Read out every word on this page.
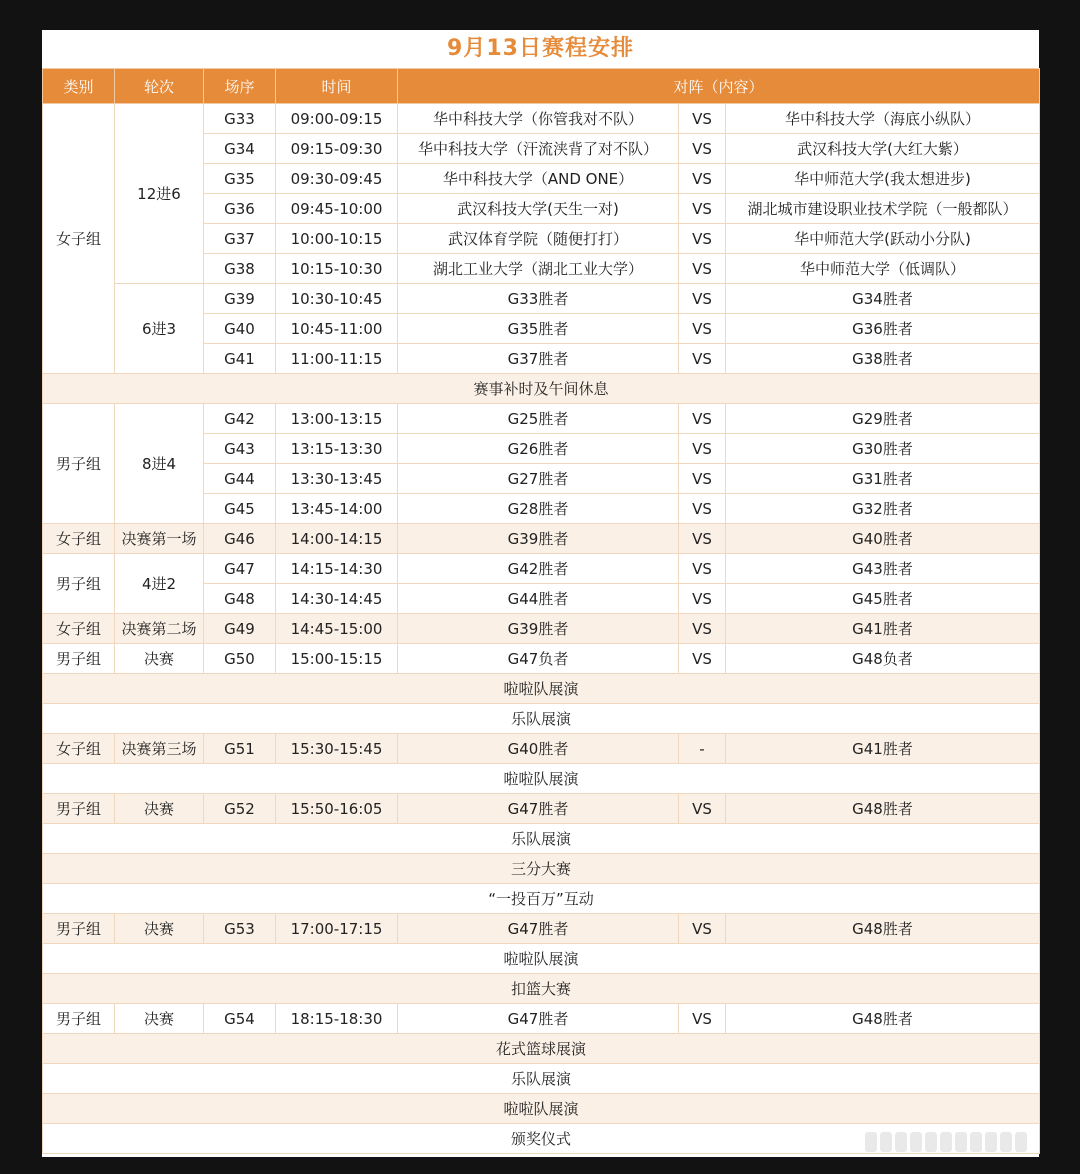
9月13日赛程安排
类别	轮次	场序	时间	对阵（内容）		
女子组	12进6	G33	09:00-09:15	华中科技大学（你管我对不队）	VS	华中科技大学（海底小纵队）
		G34	09:15-09:30	华中科技大学（汗流浃背了对不队）	VS	武汉科技大学(大红大紫）
		G35	09:30-09:45	华中科技大学（AND ONE）	VS	华中师范大学(我太想进步)
		G36	09:45-10:00	武汉科技大学(天生一对)	VS	湖北城市建设职业技术学院（一般都队）
		G37	10:00-10:15	武汉体育学院（随便打打）	VS	华中师范大学(跃动小分队)
		G38	10:15-10:30	湖北工业大学（湖北工业大学）	VS	华中师范大学（低调队）
	6进3	G39	10:30-10:45	G33胜者	VS	G34胜者
		G40	10:45-11:00	G35胜者	VS	G36胜者
		G41	11:00-11:15	G37胜者	VS	G38胜者
赛事补时及午间休息						
男子组	8进4	G42	13:00-13:15	G25胜者	VS	G29胜者
		G43	13:15-13:30	G26胜者	VS	G30胜者
		G44	13:30-13:45	G27胜者	VS	G31胜者
		G45	13:45-14:00	G28胜者	VS	G32胜者
女子组	决赛第一场	G46	14:00-14:15	G39胜者	VS	G40胜者
男子组	4进2	G47	14:15-14:30	G42胜者	VS	G43胜者
		G48	14:30-14:45	G44胜者	VS	G45胜者
女子组	决赛第二场	G49	14:45-15:00	G39胜者	VS	G41胜者
男子组	决赛	G50	15:00-15:15	G47负者	VS	G48负者
啦啦队展演						
乐队展演						
女子组	决赛第三场	G51	15:30-15:45	G40胜者	-	G41胜者
啦啦队展演						
男子组	决赛	G52	15:50-16:05	G47胜者	VS	G48胜者
乐队展演						
三分大赛						
“一投百万”互动						
男子组	决赛	G53	17:00-17:15	G47胜者	VS	G48胜者
啦啦队展演						
扣篮大赛						
男子组	决赛	G54	18:15-18:30	G47胜者	VS	G48胜者
花式篮球展演						
乐队展演						
啦啦队展演						
颁奖仪式						
